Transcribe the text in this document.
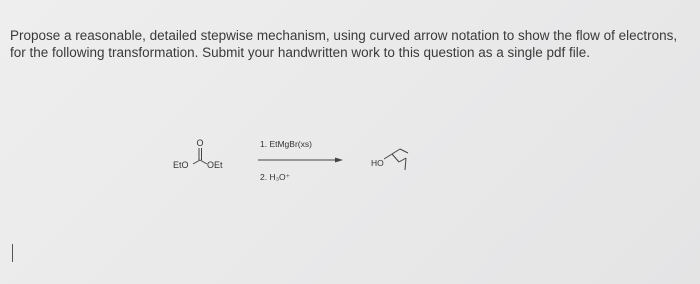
Propose a reasonable, detailed stepwise mechanism, using curved arrow notation to show the flow of electrons, for the following transformation. Submit your handwritten work to this question as a single pdf file.

O
EtO OEt
1. EtMgBr(xs)
2. H₃O⁺
HO
